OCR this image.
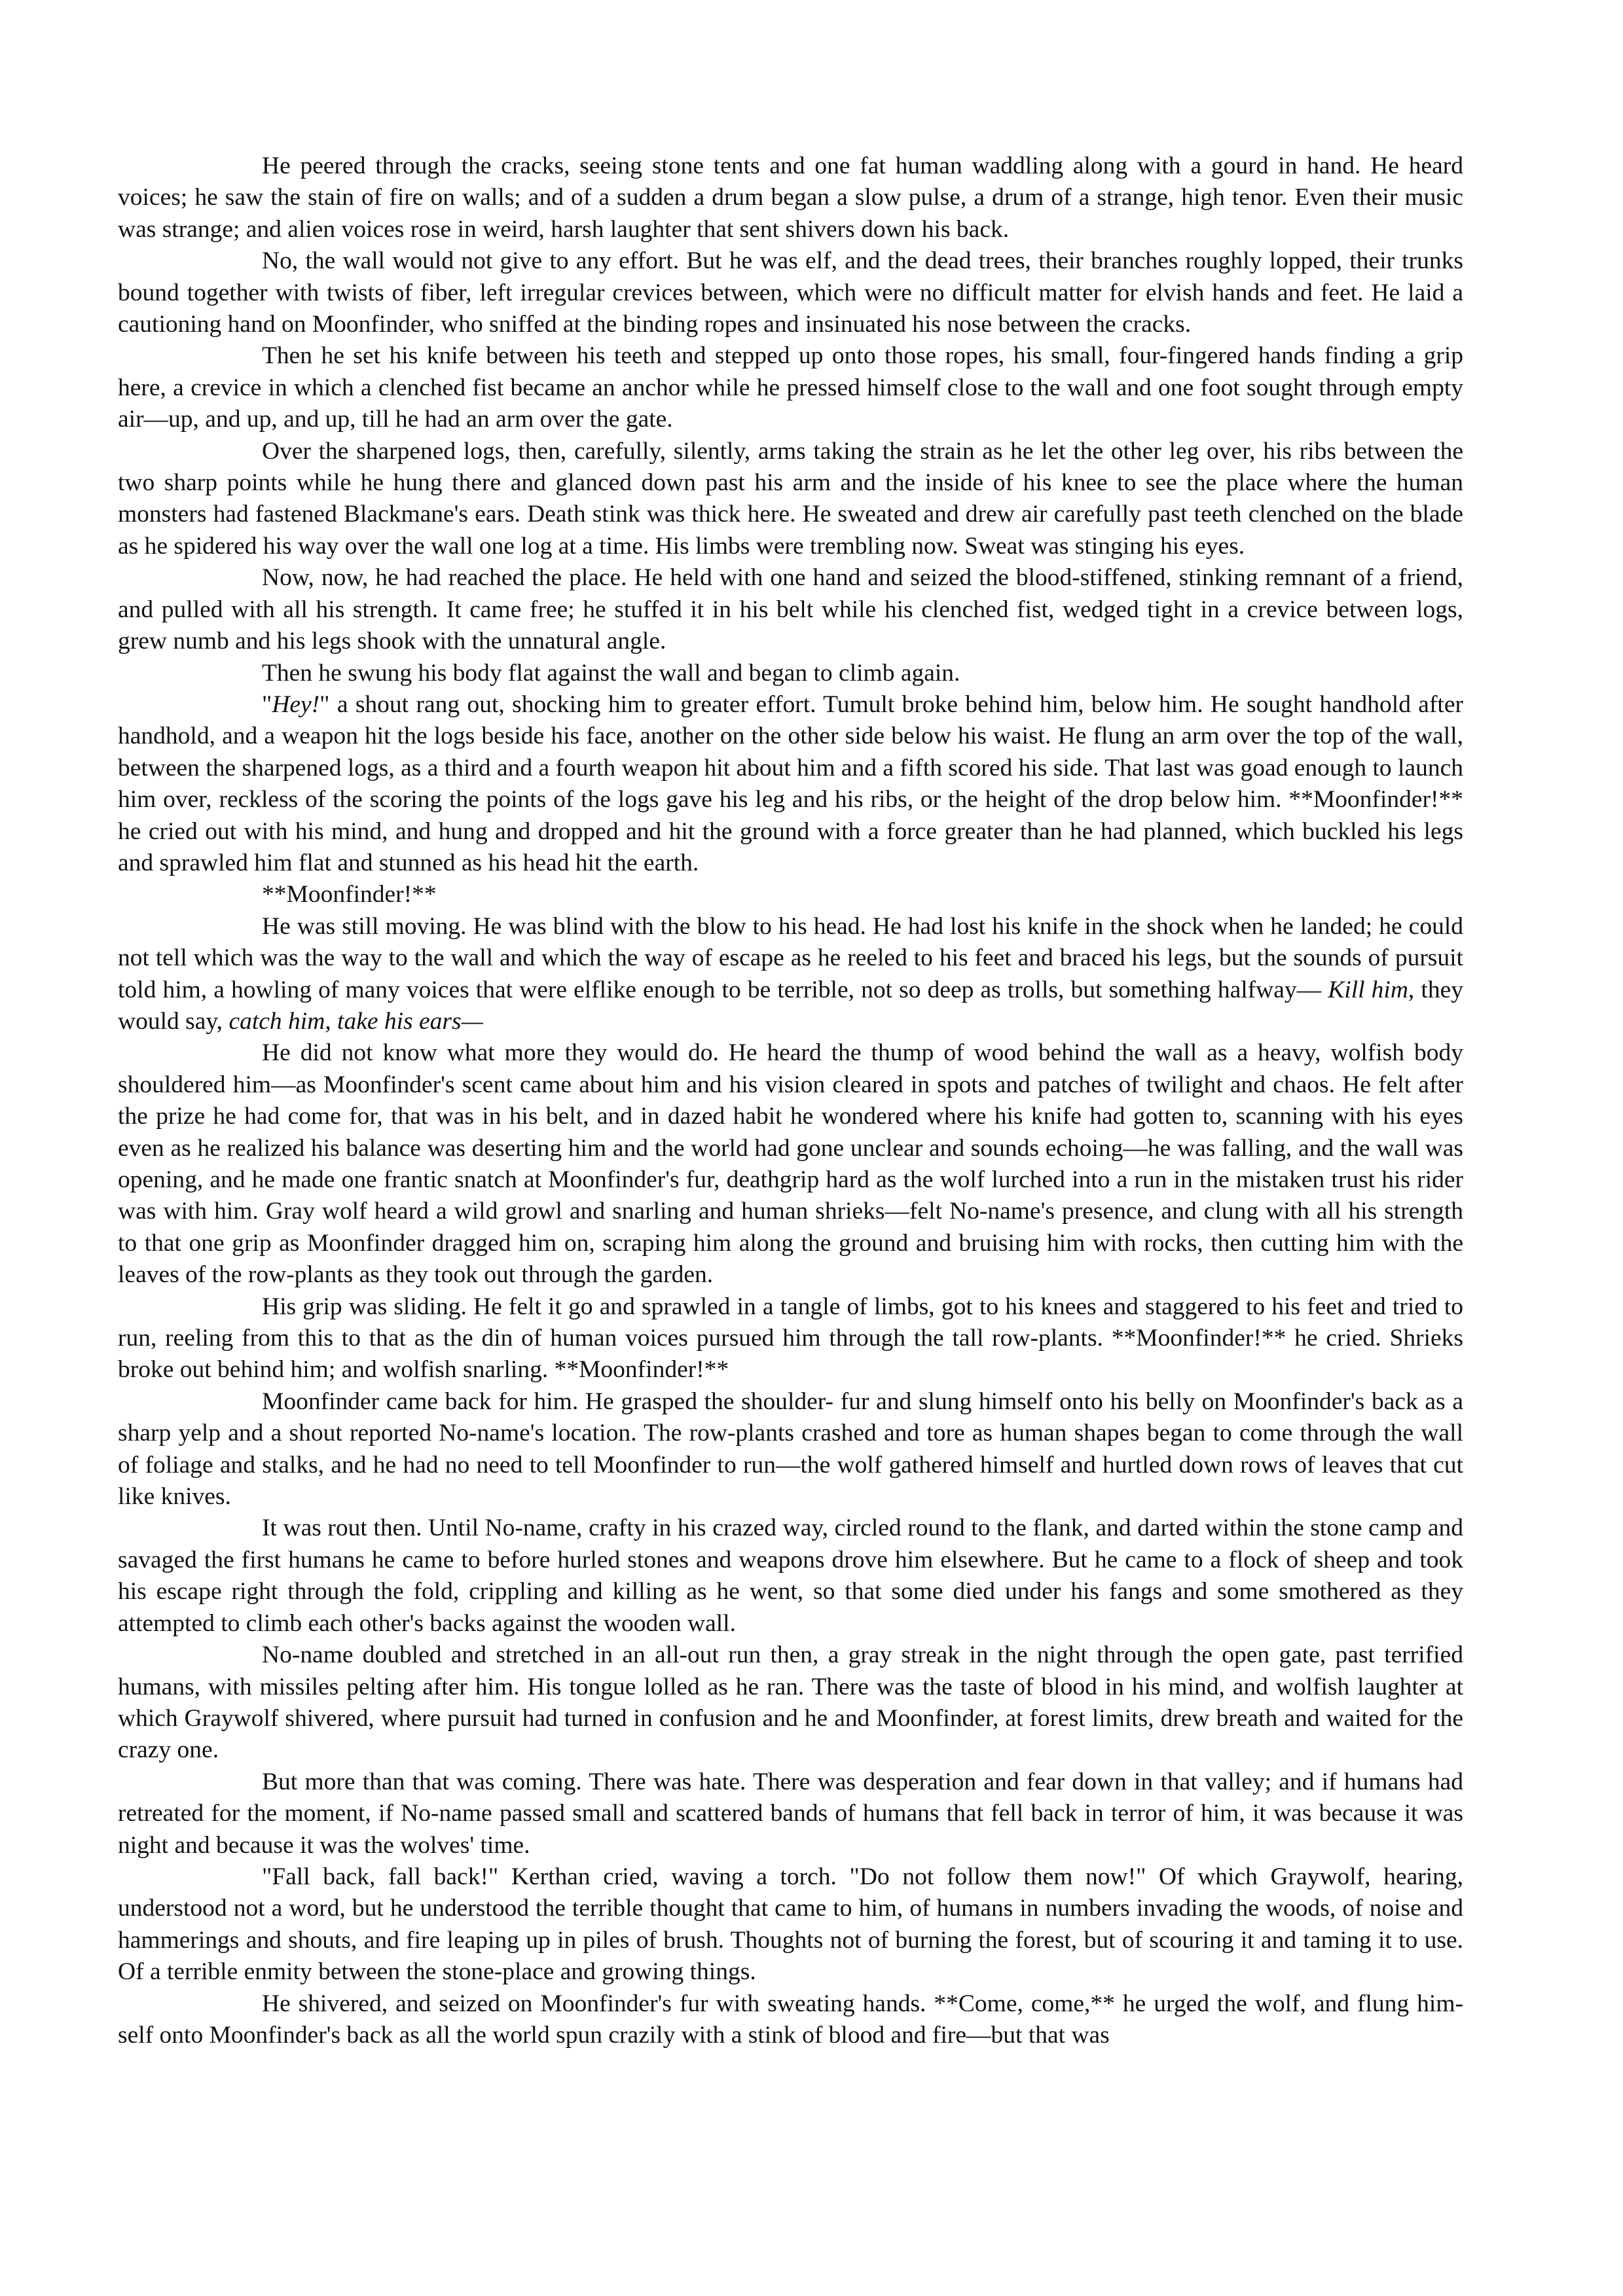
He peered through the cracks, seeing stone tents and one fat human waddling along with a gourd in hand. He heard voices; he saw the stain of fire on walls; and of a sudden a drum began a slow pulse, a drum of a strange, high tenor. Even their music was strange; and alien voices rose in weird, harsh laughter that sent shivers down his back.

No, the wall would not give to any effort. But he was elf, and the dead trees, their branches roughly lopped, their trunks bound together with twists of fiber, left irregular crevices between, which were no difficult matter for elvish hands and feet. He laid a cautioning hand on Moonfinder, who sniffed at the binding ropes and insinuated his nose between the cracks.

Then he set his knife between his teeth and stepped up onto those ropes, his small, four-fingered hands finding a grip here, a crevice in which a clenched fist became an anchor while he pressed himself close to the wall and one foot sought through empty air—up, and up, and up, till he had an arm over the gate.

Over the sharpened logs, then, carefully, silently, arms taking the strain as he let the other leg over, his ribs between the two sharp points while he hung there and glanced down past his arm and the inside of his knee to see the place where the human monsters had fastened Blackmane's ears. Death stink was thick here. He sweated and drew air carefully past teeth clenched on the blade as he spidered his way over the wall one log at a time. His limbs were trembling now. Sweat was stinging his eyes.

Now, now, he had reached the place. He held with one hand and seized the blood-stiffened, stinking remnant of a friend, and pulled with all his strength. It came free; he stuffed it in his belt while his clenched fist, wedged tight in a crevice between logs, grew numb and his legs shook with the unnatural angle.

Then he swung his body flat against the wall and began to climb again.

"Hey!" a shout rang out, shocking him to greater effort. Tumult broke behind him, below him. He sought handhold after handhold, and a weapon hit the logs beside his face, another on the other side below his waist. He flung an arm over the top of the wall, between the sharpened logs, as a third and a fourth weapon hit about him and a fifth scored his side. That last was goad enough to launch him over, reckless of the scoring the points of the logs gave his leg and his ribs, or the height of the drop below him. **Moonfinder!** he cried out with his mind, and hung and dropped and hit the ground with a force greater than he had planned, which buckled his legs and sprawled him flat and stunned as his head hit the earth.

**Moonfinder!**

He was still moving. He was blind with the blow to his head. He had lost his knife in the shock when he landed; he could not tell which was the way to the wall and which the way of escape as he reeled to his feet and braced his legs, but the sounds of pursuit told him, a howling of many voices that were elflike enough to be terrible, not so deep as trolls, but something halfway— Kill him, they would say, catch him, take his ears—

He did not know what more they would do. He heard the thump of wood behind the wall as a heavy, wolfish body shouldered him—as Moonfinder's scent came about him and his vision cleared in spots and patches of twilight and chaos. He felt after the prize he had come for, that was in his belt, and in dazed habit he wondered where his knife had gotten to, scanning with his eyes even as he realized his balance was deserting him and the world had gone unclear and sounds echoing—he was falling, and the wall was opening, and he made one frantic snatch at Moonfinder's fur, deathgrip hard as the wolf lurched into a run in the mistaken trust his rider was with him. Gray wolf heard a wild growl and snarling and human shrieks—felt No-name's presence, and clung with all his strength to that one grip as Moonfinder dragged him on, scraping him along the ground and bruising him with rocks, then cutting him with the leaves of the row-plants as they took out through the garden.

His grip was sliding. He felt it go and sprawled in a tangle of limbs, got to his knees and staggered to his feet and tried to run, reeling from this to that as the din of human voices pursued him through the tall row-plants. **Moonfinder!** he cried. Shrieks broke out behind him; and wolfish snarling. **Moonfinder!**

Moonfinder came back for him. He grasped the shoulder- fur and slung himself onto his belly on Moonfinder's back as a sharp yelp and a shout reported No-name's location. The row-plants crashed and tore as human shapes began to come through the wall of foliage and stalks, and he had no need to tell Moonfinder to run—the wolf gathered himself and hurtled down rows of leaves that cut like knives.

It was rout then. Until No-name, crafty in his crazed way, circled round to the flank, and darted within the stone camp and savaged the first humans he came to before hurled stones and weapons drove him elsewhere. But he came to a flock of sheep and took his escape right through the fold, crippling and killing as he went, so that some died under his fangs and some smothered as they attempted to climb each other's backs against the wooden wall.

No-name doubled and stretched in an all-out run then, a gray streak in the night through the open gate, past terrified humans, with missiles pelting after him. His tongue lolled as he ran. There was the taste of blood in his mind, and wolfish laughter at which Graywolf shivered, where pursuit had turned in confusion and he and Moonfinder, at forest limits, drew breath and waited for the crazy one.

But more than that was coming. There was hate. There was desperation and fear down in that valley; and if humans had retreated for the moment, if No-name passed small and scattered bands of humans that fell back in terror of him, it was because it was night and because it was the wolves' time.

"Fall back, fall back!" Kerthan cried, waving a torch. "Do not follow them now!" Of which Graywolf, hearing, understood not a word, but he understood the terrible thought that came to him, of humans in numbers invading the woods, of noise and hammerings and shouts, and fire leaping up in piles of brush. Thoughts not of burning the forest, but of scouring it and taming it to use. Of a terrible enmity between the stone-place and growing things.

He shivered, and seized on Moonfinder's fur with sweating hands. **Come, come,** he urged the wolf, and flung him- self onto Moonfinder's back as all the world spun crazily with a stink of blood and fire—but that was
